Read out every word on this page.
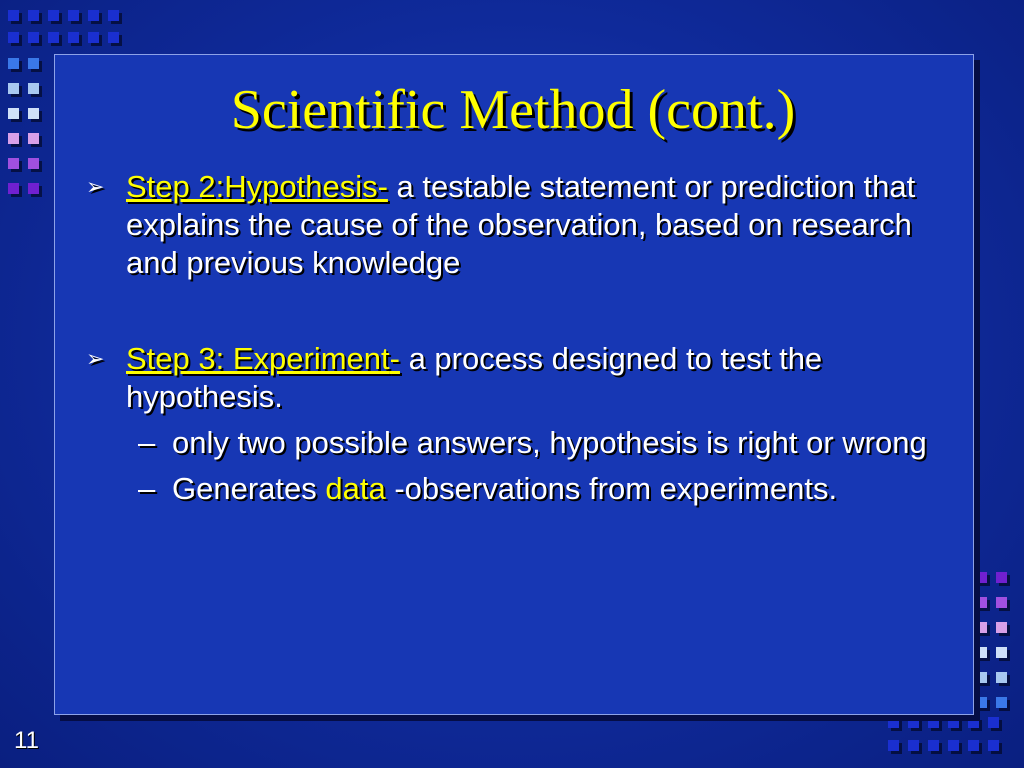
Scientific Method (cont.)
➢ Step 2:Hypothesis- a testable statement or prediction that explains the cause of the observation, based on research and previous knowledge
➢ Step 3: Experiment- a process designed to test the hypothesis.
– only two possible answers, hypothesis is right or wrong
– Generates data -observations from experiments.
11
